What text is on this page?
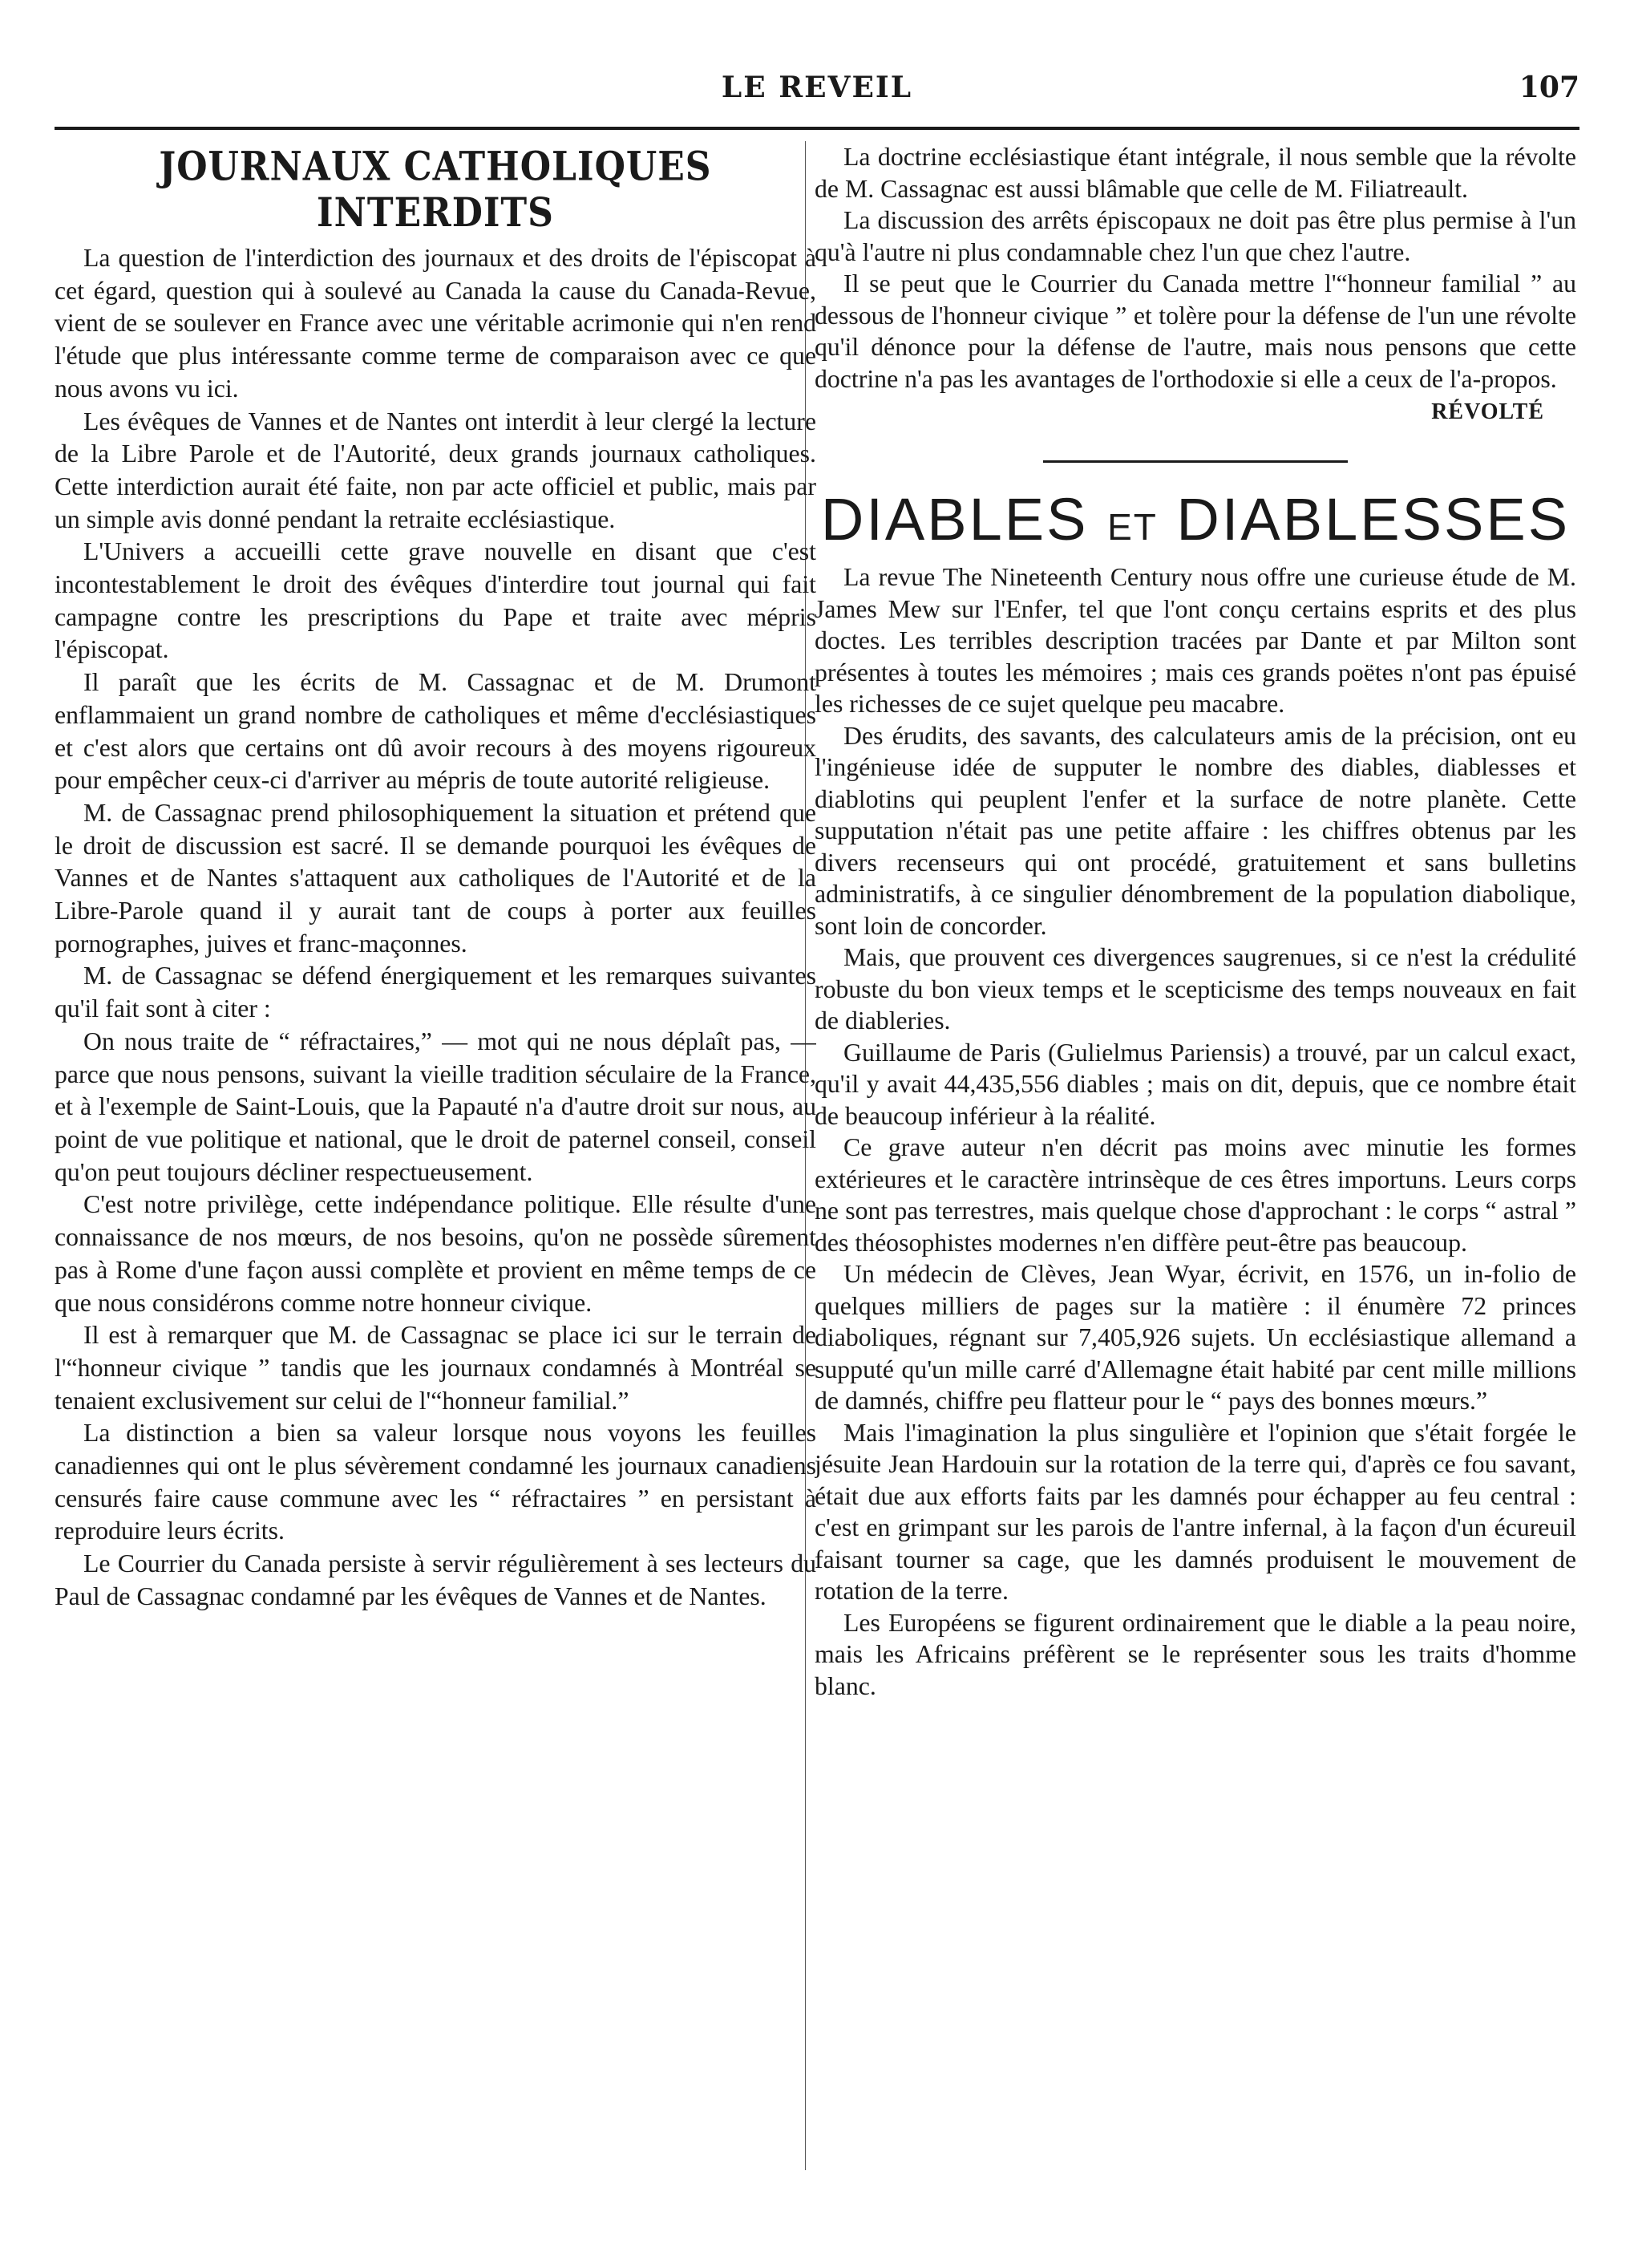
LE REVEIL	107
JOURNAUX CATHOLIQUES INTERDITS

La question de l'interdiction des journaux et des droits de l'épiscopat à cet égard, question qui à soulevé au Canada la cause du Canada-Revue, vient de se soulever en France avec une véritable acrimonie qui n'en rend l'étude que plus intéressante comme terme de comparaison avec ce que nous avons vu ici.

Les évêques de Vannes et de Nantes ont interdit à leur clergé la lecture de la Libre Parole et de l'Autorité, deux grands journaux catholiques. Cette interdiction aurait été faite, non par acte officiel et public, mais par un simple avis donné pendant la retraite ecclésiastique.

L'Univers a accueilli cette grave nouvelle en disant que c'est incontestablement le droit des évêques d'interdire tout journal qui fait campagne contre les prescriptions du Pape et traite avec mépris l'épiscopat.

Il paraît que les écrits de M. Cassagnac et de M. Drumont enflammaient un grand nombre de catholiques et même d'ecclésiastiques et c'est alors que certains ont dû avoir recours à des moyens rigoureux pour empêcher ceux-ci d'arriver au mépris de toute autorité religieuse.

M. de Cassagnac prend philosophiquement la situation et prétend que le droit de discussion est sacré. Il se demande pourquoi les évêques de Vannes et de Nantes s'attaquent aux catholiques de l'Autorité et de la Libre-Parole quand il y aurait tant de coups à porter aux feuilles pornographes, juives et franc-maçonnes.

M. de Cassagnac se défend énergiquement et les remarques suivantes qu'il fait sont à citer :

On nous traite de “ réfractaires,” — mot qui ne nous déplaît pas, — parce que nous pensons, suivant la vieille tradition séculaire de la France, et à l'exemple de Saint-Louis, que la Papauté n'a d'autre droit sur nous, au point de vue politique et national, que le droit de paternel conseil, conseil qu'on peut toujours décliner respectueusement.

C'est notre privilège, cette indépendance politique. Elle résulte d'une connaissance de nos mœurs, de nos besoins, qu'on ne possède sûrement pas à Rome d'une façon aussi complète et provient en même temps de ce que nous considérons comme notre honneur civique.

Il est à remarquer que M. de Cassagnac se place ici sur le terrain de l'“honneur civique ” tandis que les journaux condamnés à Montréal se tenaient exclusivement sur celui de l'“honneur familial.”

La distinction a bien sa valeur lorsque nous voyons les feuilles canadiennes qui ont le plus sévèrement condamné les journaux canadiens censurés faire cause commune avec les “ réfractaires ” en persistant à reproduire leurs écrits.

Le Courrier du Canada persiste à servir régulièrement à ses lecteurs du Paul de Cassagnac condamné par les évêques de Vannes et de Nantes.

La doctrine ecclésiastique étant intégrale, il nous semble que la révolte de M. Cassagnac est aussi blâmable que celle de M. Filiatreault.

La discussion des arrêts épiscopaux ne doit pas être plus permise à l'un qu'à l'autre ni plus condamnable chez l'un que chez l'autre.

Il se peut que le Courrier du Canada mettre l'“honneur familial ” au dessous de l'honneur civique ” et tolère pour la défense de l'un une révolte qu'il dénonce pour la défense de l'autre, mais nous pensons que cette doctrine n'a pas les avantages de l'orthodoxie si elle a ceux de l'a-propos.

RÉVOLTÉ
DIABLES ET DIABLESSES

La revue The Nineteenth Century nous offre une curieuse étude de M. James Mew sur l'Enfer, tel que l'ont conçu certains esprits et des plus doctes. Les terribles description tracées par Dante et par Milton sont présentes à toutes les mémoires ; mais ces grands poëtes n'ont pas épuisé les richesses de ce sujet quelque peu macabre.

Des érudits, des savants, des calculateurs amis de la précision, ont eu l'ingénieuse idée de supputer le nombre des diables, diablesses et diablotins qui peuplent l'enfer et la surface de notre planète. Cette supputation n'était pas une petite affaire : les chiffres obtenus par les divers recenseurs qui ont procédé, gratuitement et sans bulletins administratifs, à ce singulier dénombrement de la population diabolique, sont loin de concorder.

Mais, que prouvent ces divergences saugrenues, si ce n'est la crédulité robuste du bon vieux temps et le scepticisme des temps nouveaux en fait de diableries.

Guillaume de Paris (Gulielmus Pariensis) a trouvé, par un calcul exact, qu'il y avait 44,435,556 diables ; mais on dit, depuis, que ce nombre était de beaucoup inférieur à la réalité.

Ce grave auteur n'en décrit pas moins avec minutie les formes extérieures et le caractère intrinsèque de ces êtres importuns. Leurs corps ne sont pas terrestres, mais quelque chose d'approchant : le corps “ astral ” des théosophistes modernes n'en diffère peut-être pas beaucoup.

Un médecin de Clèves, Jean Wyar, écrivit, en 1576, un in-folio de quelques milliers de pages sur la matière : il énumère 72 princes diaboliques, régnant sur 7,405,926 sujets. Un ecclésiastique allemand a supputé qu'un mille carré d'Allemagne était habité par cent mille millions de damnés, chiffre peu flatteur pour le “ pays des bonnes mœurs.”

Mais l'imagination la plus singulière et l'opinion que s'était forgée le jésuite Jean Hardouin sur la rotation de la terre qui, d'après ce fou savant, était due aux efforts faits par les damnés pour échapper au feu central : c'est en grimpant sur les parois de l'antre infernal, à la façon d'un écureuil faisant tourner sa cage, que les damnés produisent le mouvement de rotation de la terre.

Les Européens se figurent ordinairement que le diable a la peau noire, mais les Africains préfèrent se le représenter sous les traits d'homme blanc.
